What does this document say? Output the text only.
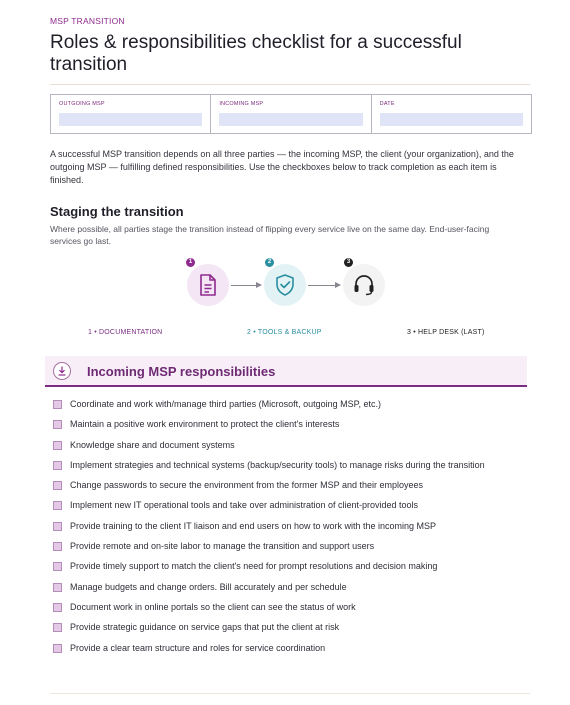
MSP TRANSITION
Roles & responsibilities checklist for a successful transition
OUTGOING MSP	INCOMING MSP	DATE

A successful MSP transition depends on all three parties — the incoming MSP, the client (your organization), and the outgoing MSP — fulfilling defined responsibilities. Use the checkboxes below to track completion as each item is finished.

Staging the transition

Where possible, all parties stage the transition instead of flipping every service live on the same day. End-user-facing services go last.

1	2	3
1 • DOCUMENTATION	2 • TOOLS & BACKUP	3 • HELP DESK (LAST)
Incoming MSP responsibilities
Coordinate and work with/manage third parties (Microsoft, outgoing MSP, etc.)
Maintain a positive work environment to protect the client's interests
Knowledge share and document systems
Implement strategies and technical systems (backup/security tools) to manage risks during the transition
Change passwords to secure the environment from the former MSP and their employees
Implement new IT operational tools and take over administration of client-provided tools
Provide training to the client IT liaison and end users on how to work with the incoming MSP
Provide remote and on-site labor to manage the transition and support users
Provide timely support to match the client's need for prompt resolutions and decision making
Manage budgets and change orders. Bill accurately and per schedule
Document work in online portals so the client can see the status of work
Provide strategic guidance on service gaps that put the client at risk
Provide a clear team structure and roles for service coordination
